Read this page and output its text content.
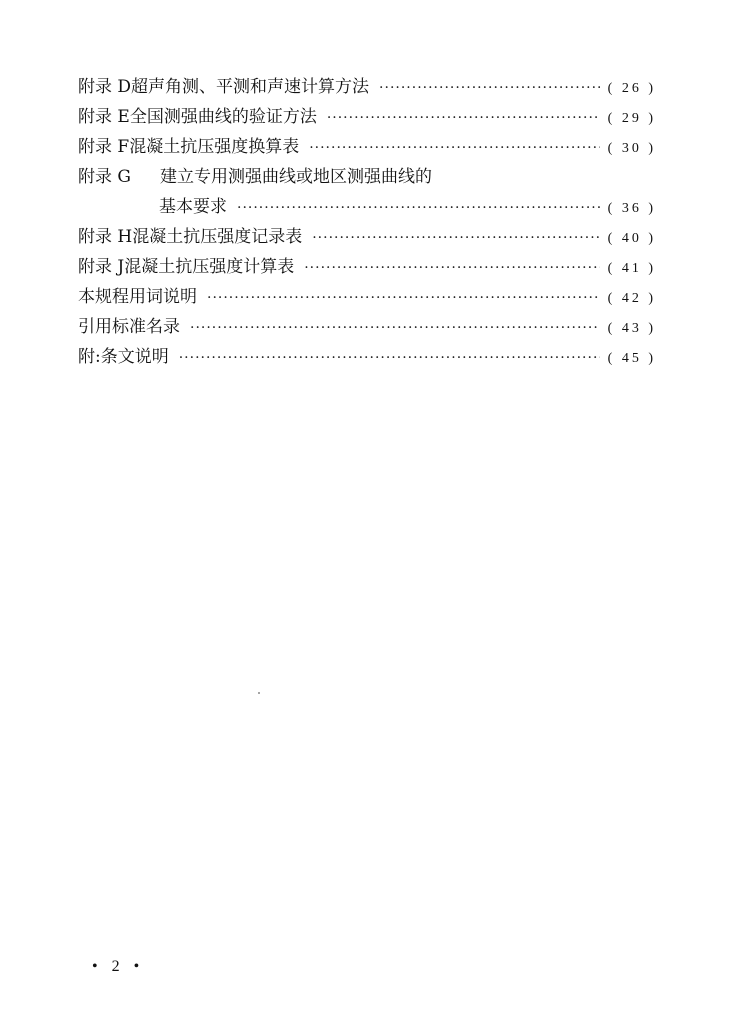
附录 D 超声角测、平测和声速计算方法 ·····	( 26 )
附录 E 全国测强曲线的验证方法 ·····	( 29 )
附录 F 混凝土抗压强度换算表 ·····	( 30 )
附录 G 建立专用测强曲线或地区测强曲线的
基本要求 ·····	( 36 )
附录 H 混凝土抗压强度记录表 ·····	( 40 )
附录 J 混凝土抗压强度计算表 ·····	( 41 )
本规程用词说明 ·····	( 42 )
引用标准名录 ·····	( 43 )
附:条文说明 ·····	( 45 )
• 2 •
